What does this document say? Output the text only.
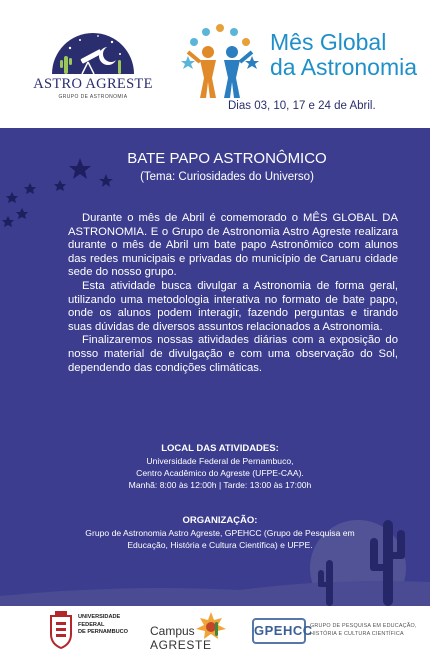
ASTRO AGRESTE
GRUPO DE ASTRONOMIA
Mês Global
da Astronomia
Dias 03, 10, 17 e 24 de Abril.
BATE PAPO ASTRONÔMICO
(Tema: Curiosidades do Universo)

Durante o mês de Abril é comemorado o MÊS GLOBAL DA ASTRONOMIA. E o Grupo de Astronomia Astro Agreste realizara durante o mês de Abril um bate papo Astronômico com alunos das redes municipais e privadas do município de Caruaru cidade sede do nosso grupo.

Esta atividade busca divulgar a Astronomia de forma geral, utilizando uma metodologia interativa no formato de bate papo, onde os alunos podem interagir, fazendo perguntas e tirando suas dúvidas de diversos assuntos relacionados a Astronomia.

Finalizaremos nossas atividades diárias com a exposição do nosso material de divulgação e com uma observação do Sol, dependendo das condições climáticas.

LOCAL DAS ATIVIDADES:
Universidade Federal de Pernambuco,
Centro Acadêmico do Agreste (UFPE-CAA).
Manhã: 8:00 às 12:00h | Tarde: 13:00 às 17:00h
ORGANIZAÇÃO:
Grupo de Astronomia Astro Agreste, GPEHCC (Grupo de Pesquisa em
Educação, História e Cultura Científica) e UFPE.
UNIVERSIDADE
FEDERAL
DE PERNAMBUCO Campus
AGRESTE
GPEHCC
GRUPO DE PESQUISA EM EDUCAÇÃO,
HISTÓRIA E CULTURA CIENTÍFICA
